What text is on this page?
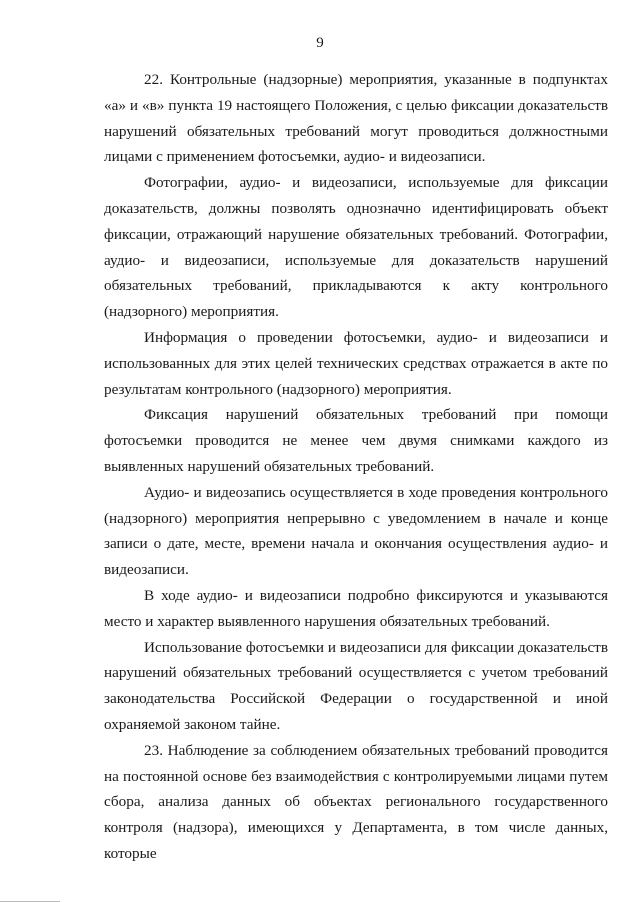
9

22. Контрольные (надзорные) мероприятия, указанные в подпунктах «а» и «в» пункта 19 настоящего Положения, с целью фиксации доказательств нарушений обязательных требований могут проводиться должностными лицами с применением фотосъемки, аудио- и видеозаписи.

Фотографии, аудио- и видеозаписи, используемые для фиксации доказательств, должны позволять однозначно идентифицировать объект фиксации, отражающий нарушение обязательных требований. Фотографии, аудио- и видеозаписи, используемые для доказательств нарушений обязательных требований, прикладываются к акту контрольного (надзорного) мероприятия.

Информация о проведении фотосъемки, аудио- и видеозаписи и использованных для этих целей технических средствах отражается в акте по результатам контрольного (надзорного) мероприятия.

Фиксация нарушений обязательных требований при помощи фотосъемки проводится не менее чем двумя снимками каждого из выявленных нарушений обязательных требований.

Аудио- и видеозапись осуществляется в ходе проведения контрольного (надзорного) мероприятия непрерывно с уведомлением в начале и конце записи о дате, месте, времени начала и окончания осуществления аудио- и видеозаписи.

В ходе аудио- и видеозаписи подробно фиксируются и указываются место и характер выявленного нарушения обязательных требований.

Использование фотосъемки и видеозаписи для фиксации доказательств нарушений обязательных требований осуществляется с учетом требований законодательства Российской Федерации о государственной и иной охраняемой законом тайне.

23. Наблюдение за соблюдением обязательных требований проводится на постоянной основе без взаимодействия с контролируемыми лицами путем сбора, анализа данных об объектах регионального государственного контроля (надзора), имеющихся у Департамента, в том числе данных, которые
